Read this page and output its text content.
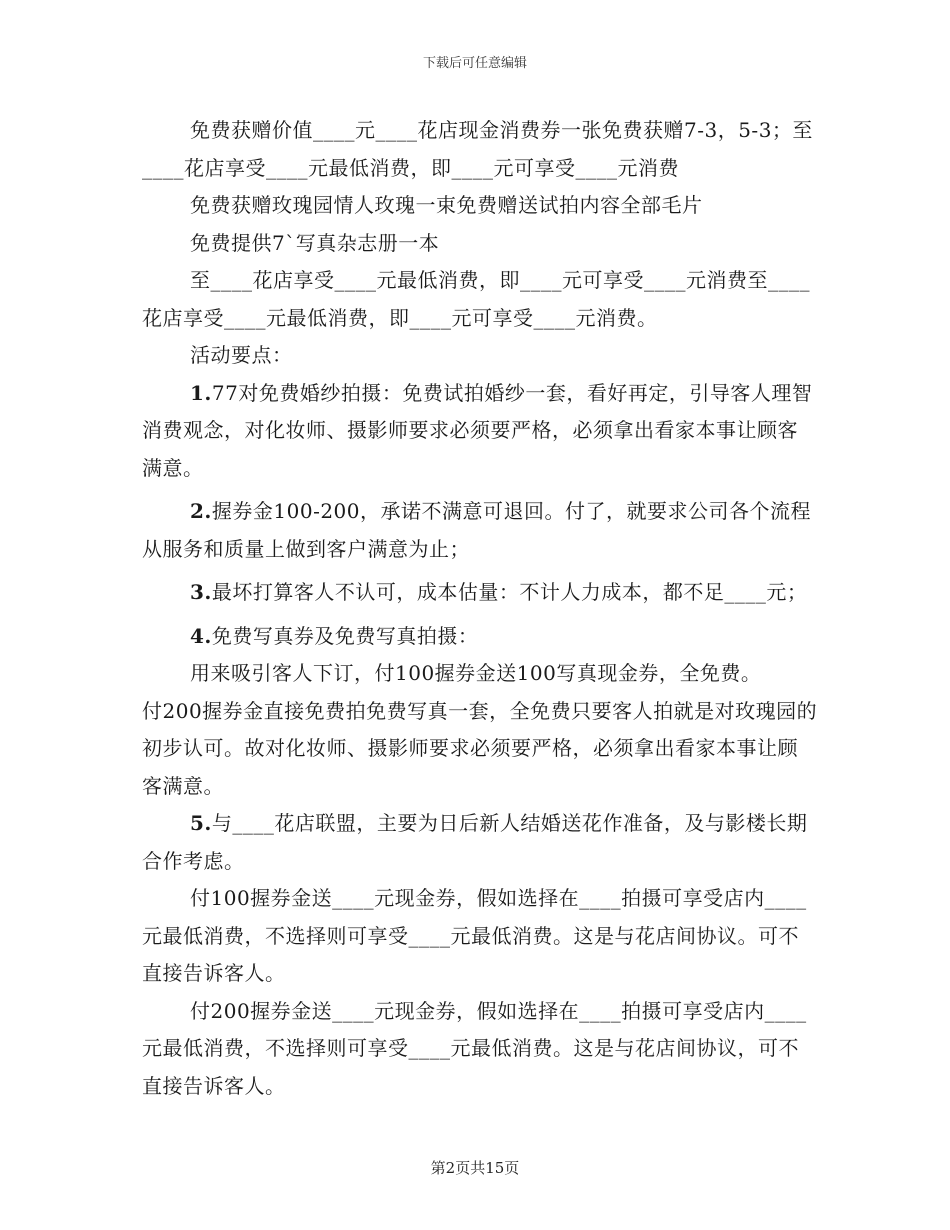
下载后可任意编辑

免费获赠价值____元____花店现金消费券一张免费获赠7-3，5-3；至____花店享受____元最低消费，即____元可享受____元消费

免费获赠玫瑰园情人玫瑰一束免费赠送试拍内容全部毛片

免费提供7`写真杂志册一本

至____花店享受____元最低消费，即____元可享受____元消费至____花店享受____元最低消费，即____元可享受____元消费。

活动要点：

1.77对免费婚纱拍摄：免费试拍婚纱一套，看好再定，引导客人理智消费观念，对化妆师、摄影师要求必须要严格，必须拿出看家本事让顾客满意。

2.握券金100-200，承诺不满意可退回。付了，就要求公司各个流程从服务和质量上做到客户满意为止；

3.最坏打算客人不认可，成本估量：不计人力成本，都不足____元；

4.免费写真券及免费写真拍摄：

用来吸引客人下订，付100握券金送100写真现金券，全免费。

付200握券金直接免费拍免费写真一套，全免费只要客人拍就是对玫瑰园的初步认可。故对化妆师、摄影师要求必须要严格，必须拿出看家本事让顾客满意。

5.与____花店联盟，主要为日后新人结婚送花作准备，及与影楼长期合作考虑。

付100握券金送____元现金券，假如选择在____拍摄可享受店内____元最低消费，不选择则可享受____元最低消费。这是与花店间协议。可不直接告诉客人。

付200握券金送____元现金券，假如选择在____拍摄可享受店内____元最低消费，不选择则可享受____元最低消费。这是与花店间协议，可不直接告诉客人。

第2页共15页
